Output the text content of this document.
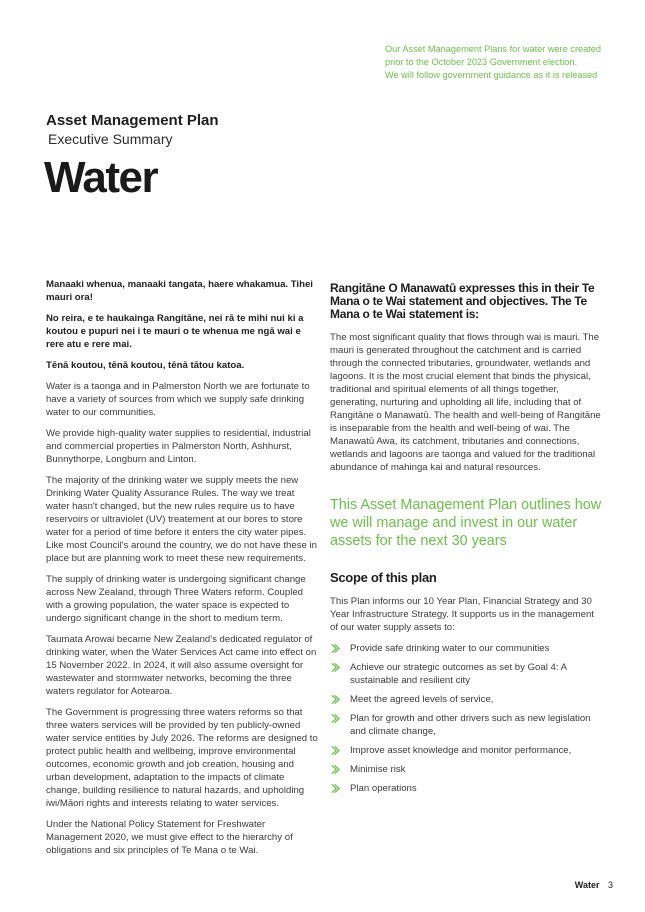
Our Asset Management Plans for water were created
prior to the October 2023 Government election.
We will follow government guidance as it is released
Asset Management Plan
Executive Summary
Water

Manaaki whenua, manaaki tangata, haere whakamua. Tihei mauri ora!

No reira, e te haukainga Rangitāne, nei rā te mihi nui ki a koutou e pupuri nei i te mauri o te whenua me ngā wai e rere atu e rere mai.

Tēnā koutou, tēnā koutou, tēnā tātou katoa.

Water is a taonga and in Palmerston North we are fortunate to have a variety of sources from which we supply safe drinking water to our communities.

We provide high-quality water supplies to residential, industrial and commercial properties in Palmerston North, Ashhurst, Bunnythorpe, Longburn and Linton.

The majority of the drinking water we supply meets the new Drinking Water Quality Assurance Rules. The way we treat water hasn't changed, but the new rules require us to have reservoirs or ultraviolet (UV) treatement at our bores to store water for a period of time before it enters the city water pipes. Like most Council's around the country, we do not have these in place but are planning work to meet these new requirements.

The supply of drinking water is undergoing significant change across New Zealand, through Three Waters reform. Coupled with a growing population, the water space is expected to undergo significant change in the short to medium term.

Taumata Arowai became New Zealand's dedicated regulator of drinking water, when the Water Services Act came into effect on 15 November 2022. In 2024, it will also assume oversight for wastewater and stormwater networks, becoming the three waters regulator for Aotearoa.

The Government is progressing three waters reforms so that three waters services will be provided by ten publicly-owned water service entities by July 2026. The reforms are designed to protect public health and wellbeing, improve environmental outcomes, economic growth and job creation, housing and urban development, adaptation to the impacts of climate change, building resilience to natural hazards, and upholding iwi/Māori rights and interests relating to water services.

Under the National Policy Statement for Freshwater Management 2020, we must give effect to the hierarchy of obligations and six principles of Te Mana o te Wai.

Rangitāne O Manawatū expresses this in their Te Mana o te Wai statement and objectives. The Te Mana o te Wai statement is:

The most significant quality that flows through wai is mauri. The mauri is generated throughout the catchment and is carried through the connected tributaries, groundwater, wetlands and lagoons. It is the most crucial element that binds the physical, traditional and spiritual elements of all things together, generating, nurturing and upholding all life, including that of Rangitāne o Manawatū. The health and well-being of Rangitāne is inseparable from the health and well-being of wai. The Manawatū Awa, its catchment, tributaries and connections, wetlands and lagoons are taonga and valued for the traditional abundance of mahinga kai and natural resources.

This Asset Management Plan outlines how we will manage and invest in our water assets for the next 30 years
Scope of this plan

This Plan informs our 10 Year Plan, Financial Strategy and 30 Year Infrastructure Strategy. It supports us in the management of our water supply assets to:

Provide safe drinking water to our communities
Achieve our strategic outcomes as set by Goal 4: A sustainable and resilient city
Meet the agreed levels of service,
Plan for growth and other drivers such as new legislation and climate change,
Improve asset knowledge and monitor performance,
Minimise risk
Plan operations
Water 3
